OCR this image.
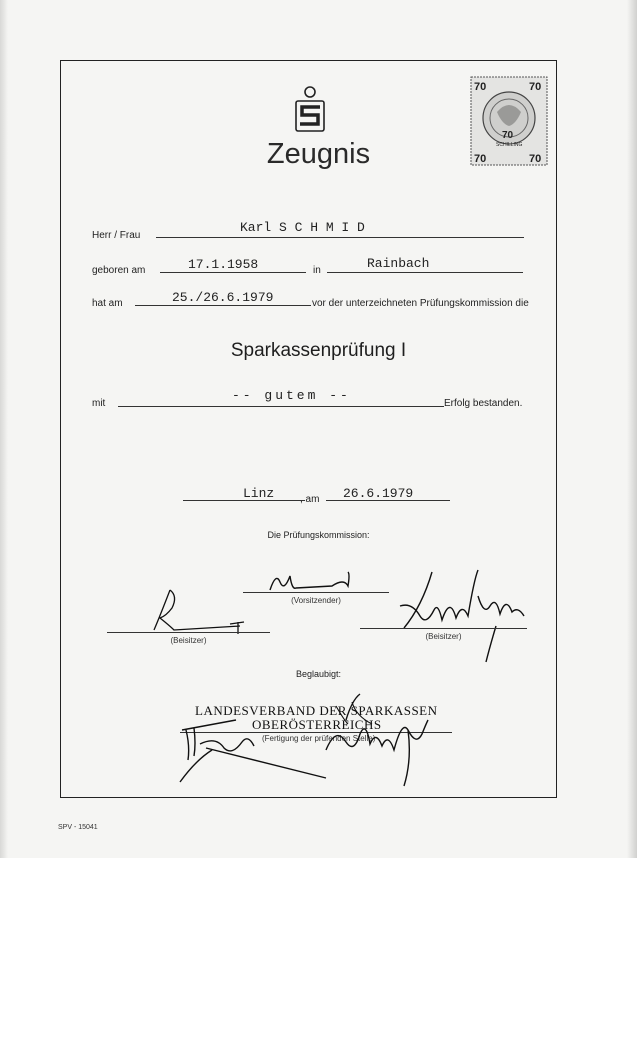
Zeugnis
70	70
70	70
70
SCHILLING
Herr / Frau
Karl S C H M I D
geboren am	17.1.1958	in	Rainbach
hat am	25./26.6.1979	vor der unterzeichneten Prüfungskommission die
Sparkassenprüfung I
mit
-- gutem --
Erfolg bestanden.
Linz	, am 26.6.1979
Die Prüfungskommission:
(Vorsitzender)
(Beisitzer)	(Beisitzer)
Beglaubigt:
LANDESVERBAND DER SPARKASSEN
OBERÖSTERREICHS
(Fertigung der prüfenden Stelle)
SPV - 15041
